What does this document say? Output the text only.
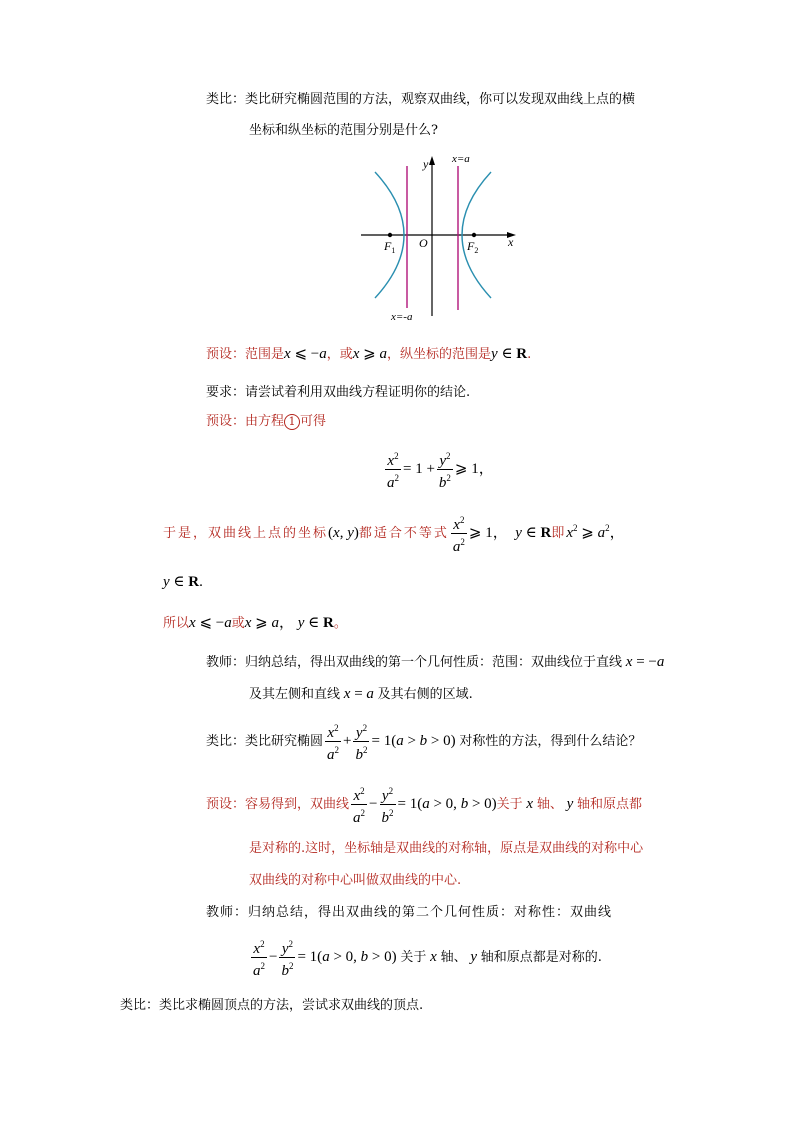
类比：类比研究椭圆范围的方法，观察双曲线，你可以发现双曲线上点的横
坐标和纵坐标的范围分别是什么?
y x=a
x
O
$F_1$	$F_2$
x=-a
预设：范围是x ⩽ −a，或x ⩾ a，纵坐标的范围是y ∈ R.
要求：请尝试着利用双曲线方程证明你的结论.
预设：由方程 1 可得
$\frac{x^2}{a^2} = 1 + \frac{y^2}{b^2}$ ⩾ 1，
于是，双曲线上点的坐标(x, y)都适合不等式 $\frac{x^2}{a^2}$ ⩾ 1，  y ∈ R即$x^2$ ⩾ $a^2$，
y ∈ R.
所以x ⩽ −a或x ⩾ a， y ∈ R。
教师：归纳总结，得出双曲线的第一个几何性质：范围：双曲线位于直线 x = −a
及其左侧和直线 x = a 及其右侧的区域.
类比：类比研究椭圆 $\frac{x^2}{a^2} + \frac{y^2}{b^2} = 1(a > b > 0)$ 对称性的方法，得到什么结论？
预设：容易得到，双曲线 $\frac{x^2}{a^2} - \frac{y^2}{b^2} = 1(a > 0$, b > 0)关于 x 轴、 y 轴和原点都
是对称的.这时，坐标轴是双曲线的对称轴，原点是双曲线的对称中心
双曲线的对称中心叫做双曲线的中心.
教师：归纳总结，得出双曲线的第二个几何性质：对称性：双曲线
$\frac{x^2}{a^2} - \frac{y^2}{b^2} = 1(a > 0$, b > 0) 关于 x 轴、 y 轴和原点都是对称的.
类比：类比求椭圆顶点的方法，尝试求双曲线的顶点.
